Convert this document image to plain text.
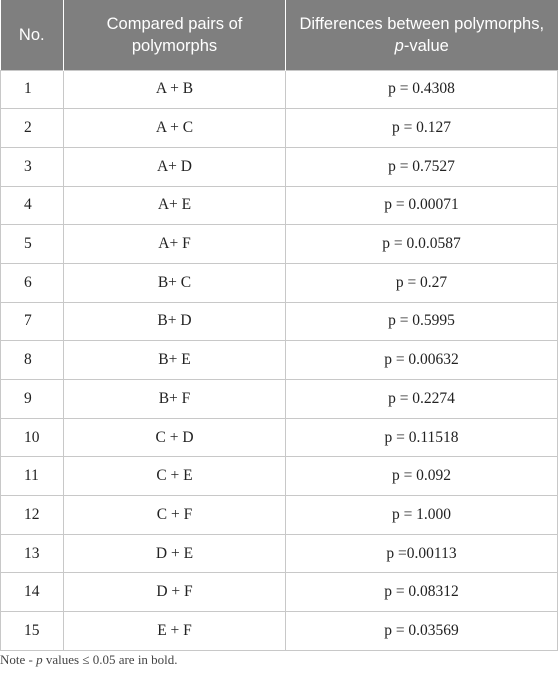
No.	Compared pairs of polymorphs	Differences between polymorphs, p-value
1	A + B	p = 0.4308
2	A + C	p = 0.127
3	A+ D	p = 0.7527
4	A+ E	p = 0.00071
5	A+ F	p = 0.0.0587
6	B+ C	p = 0.27
7	B+ D	p = 0.5995
8	B+ E	p = 0.00632
9	B+ F	p = 0.2274
10	C + D	p = 0.11518
11	C + E	p = 0.092
12	C + F	p = 1.000
13	D + E	p =0.00113
14	D + F	p = 0.08312
15	E + F	p = 0.03569
Note - p values ≤ 0.05 are in bold.
